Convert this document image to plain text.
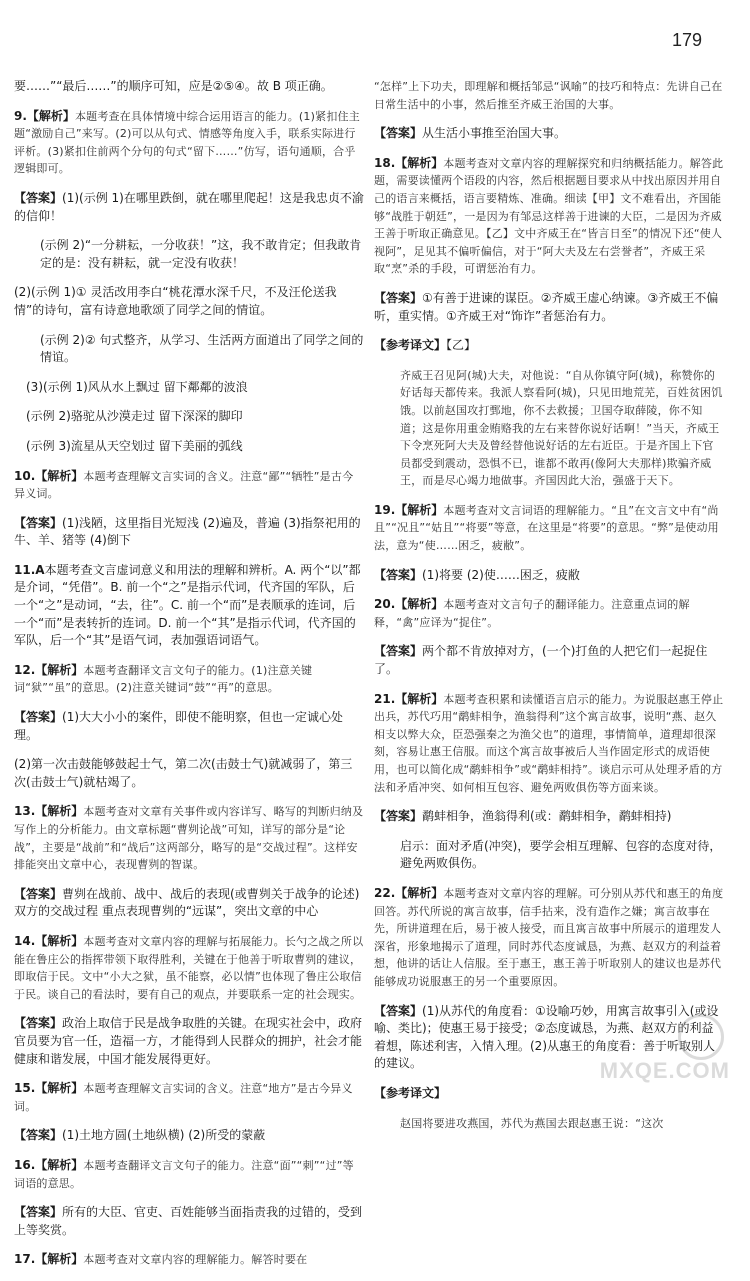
179

要……”“最后……”的顺序可知，应是②⑤④。故 B 项正确。

9.【解析】本题考查在具体情境中综合运用语言的能力。(1)紧扣住主题“激励自己”来写。(2)可以从句式、情感等角度入手，联系实际进行评析。(3)紧扣住前两个分句的句式“留下……”仿写，语句通顺，合乎逻辑即可。

【答案】(1)(示例 1)在哪里跌倒，就在哪里爬起！这是我忠贞不渝的信仰！

(示例 2)“一分耕耘，一分收获！”这，我不敢肯定；但我敢肯定的是：没有耕耘，就一定没有收获！

(2)(示例 1)① 灵活改用李白“桃花潭水深千尺，不及汪伦送我情”的诗句，富有诗意地歌颂了同学之间的情谊。

(示例 2)② 句式整齐，从学习、生活两方面道出了同学之间的情谊。

(3)(示例 1)风从水上飘过 留下鄰鄰的波浪

(示例 2)骆驼从沙漠走过 留下深深的脚印

(示例 3)流星从天空划过 留下美丽的弧线

10.【解析】本题考查理解文言实词的含义。注意“鄙”“牺牲”是古今异义词。

【答案】(1)浅陋，这里指目光短浅 (2)遍及，普遍 (3)指祭祀用的牛、羊、猪等 (4)倒下

11.A本题考查文言虚词意义和用法的理解和辨析。A. 两个“以”都是介词，“凭借”。B. 前一个“之”是指示代词，代齐国的军队，后一个“之”是动词，“去，往”。C. 前一个“而”是表顺承的连词，后一个“而”是表转折的连词。D. 前一个“其”是指示代词，代齐国的军队，后一个“其”是语气词，表加强语词语气。

12.【解析】本题考查翻译文言文句子的能力。(1)注意关键词“狱”“虽”的意思。(2)注意关键词“鼓”“再”的意思。

【答案】(1)大大小小的案件，即使不能明察，但也一定诚心处理。

(2)第一次击鼓能够鼓起士气，第二次(击鼓士气)就减弱了，第三次(击鼓士气)就枯竭了。

13.【解析】本题考查对文章有关事件或内容详写、略写的判断归纳及写作上的分析能力。由文章标题“曹刿论战”可知，详写的部分是“论战”，主要是“战前”和“战后”这两部分，略写的是“交战过程”。这样安排能突出文章中心，表现曹刿的智谋。

【答案】曹刿在战前、战中、战后的表现(或曹刿关于战争的论述) 双方的交战过程 重点表现曹刿的“远谋”，突出文章的中心

14.【解析】本题考查对文章内容的理解与拓展能力。长勺之战之所以能在鲁庄公的指挥带领下取得胜利，关键在于他善于听取曹刿的建议，即取信于民。文中“小大之狱，虽不能察，必以情”也体现了鲁庄公取信于民。谈自己的看法时，要有自己的观点，并要联系一定的社会现实。

【答案】政治上取信于民是战争取胜的关键。在现实社会中，政府官员要为官一任，造福一方，才能得到人民群众的拥护，社会才能健康和谐发展，中国才能发展得更好。

15.【解析】本题考查理解文言实词的含义。注意“地方”是古今异义词。

【答案】(1)土地方圆(土地纵横) (2)所受的蒙蔽

16.【解析】本题考查翻译文言文句子的能力。注意“面”“刺”“过”等词语的意思。

【答案】所有的大臣、官吏、百姓能够当面指责我的过错的，受到上等奖赏。

17.【解析】本题考查对文章内容的理解能力。解答时要在

“怎样”上下功夫，即理解和概括邹忌“讽喻”的技巧和特点：先讲自己在日常生活中的小事，然后推至齐威王治国的大事。

【答案】从生活小事推至治国大事。

18.【解析】本题考查对文章内容的理解探究和归纳概括能力。解答此题，需要读懂两个语段的内容，然后根据题目要求从中找出原因并用自己的语言来概括，语言要精炼、准确。细读【甲】文不难看出，齐国能够“战胜于朝廷”，一是因为有邹忌这样善于进谏的大臣，二是因为齐威王善于听取正确意见。【乙】文中齐威王在“皆言日至”的情况下还“使人视阿”，足见其不偏听偏信，对于“阿大夫及左右尝誉者”，齐威王采取“烹”杀的手段，可谓惩治有力。

【答案】①有善于进谏的谋臣。②齐威王虚心纳谏。③齐威王不偏听，重实情。①齐威王对“饰诈”者惩治有力。

【参考译文】【乙】

齐威王召见阿(城)大夫，对他说：“自从你镇守阿(城)，称赞你的好话每天都传来。我派人察看阿(城)，只见田地荒芜，百姓贫困饥饿。以前赵国攻打鄄地，你不去救援；卫国夺取薛陵，你不知道；这是你用重金贿赂我的左右来替你说好话啊！”当天，齐威王下令烹死阿大夫及曾经替他说好话的左右近臣。于是齐国上下官员都受到震动，恐惧不已，谁都不敢再(像阿大夫那样)欺骗齐威王，而是尽心竭力地做事。齐国因此大治，强盛于天下。

19.【解析】本题考查对文言词语的理解能力。“且”在文言文中有“尚且”“况且”“姑且”“将要”等意，在这里是“将要”的意思。“弊”是使动用法，意为“使……困乏，疲敝”。

【答案】(1)将要 (2)使……困乏，疲敝

20.【解析】本题考查对文言句子的翻译能力。注意重点词的解释，“禽”应译为“捉住”。

【答案】两个都不肯放掉对方，(一个)打鱼的人把它们一起捉住了。

21.【解析】本题考查积累和读懂语言启示的能力。为说服赵惠王停止出兵，苏代巧用“鹬蚌相争，渔翁得利”这个寓言故事，说明“燕、赵久相支以弊大众，臣恐强秦之为渔父也”的道理，事情简单，道理却很深刻，容易让惠王信服。而这个寓言故事被后人当作固定形式的成语使用，也可以简化成“鹬蚌相争”或“鹬蚌相持”。谈启示可从处理矛盾的方法和矛盾冲突、如何相互包容、避免两败俱伤等方面来谈。

【答案】鹬蚌相争，渔翁得利(或：鹬蚌相争，鹬蚌相持)

启示：面对矛盾(冲突)，要学会相互理解、包容的态度对待，避免两败俱伤。

22.【解析】本题考查对文章内容的理解。可分别从苏代和惠王的角度回答。苏代所说的寓言故事，信手拈来，没有造作之嫌；寓言故事在先，所讲道理在后，易于被人接受，而且寓言故事中所展示的道理发人深省，形象地揭示了道理，同时苏代态度诚恳，为燕、赵双方的利益着想，他讲的话让人信服。至于惠王，惠王善于听取别人的建议也是苏代能够成功说服惠王的另一个重要原因。

【答案】(1)从苏代的角度看：①设喻巧妙，用寓言故事引入(或设喻、类比)；使惠王易于接受；②态度诚恳，为燕、赵双方的利益着想，陈述利害，入情入理。(2)从惠王的角度看：善于听取别人的建议。

【参考译文】

赵国将要进攻燕国，苏代为燕国去跟赵惠王说：“这次

MXQE.COM
